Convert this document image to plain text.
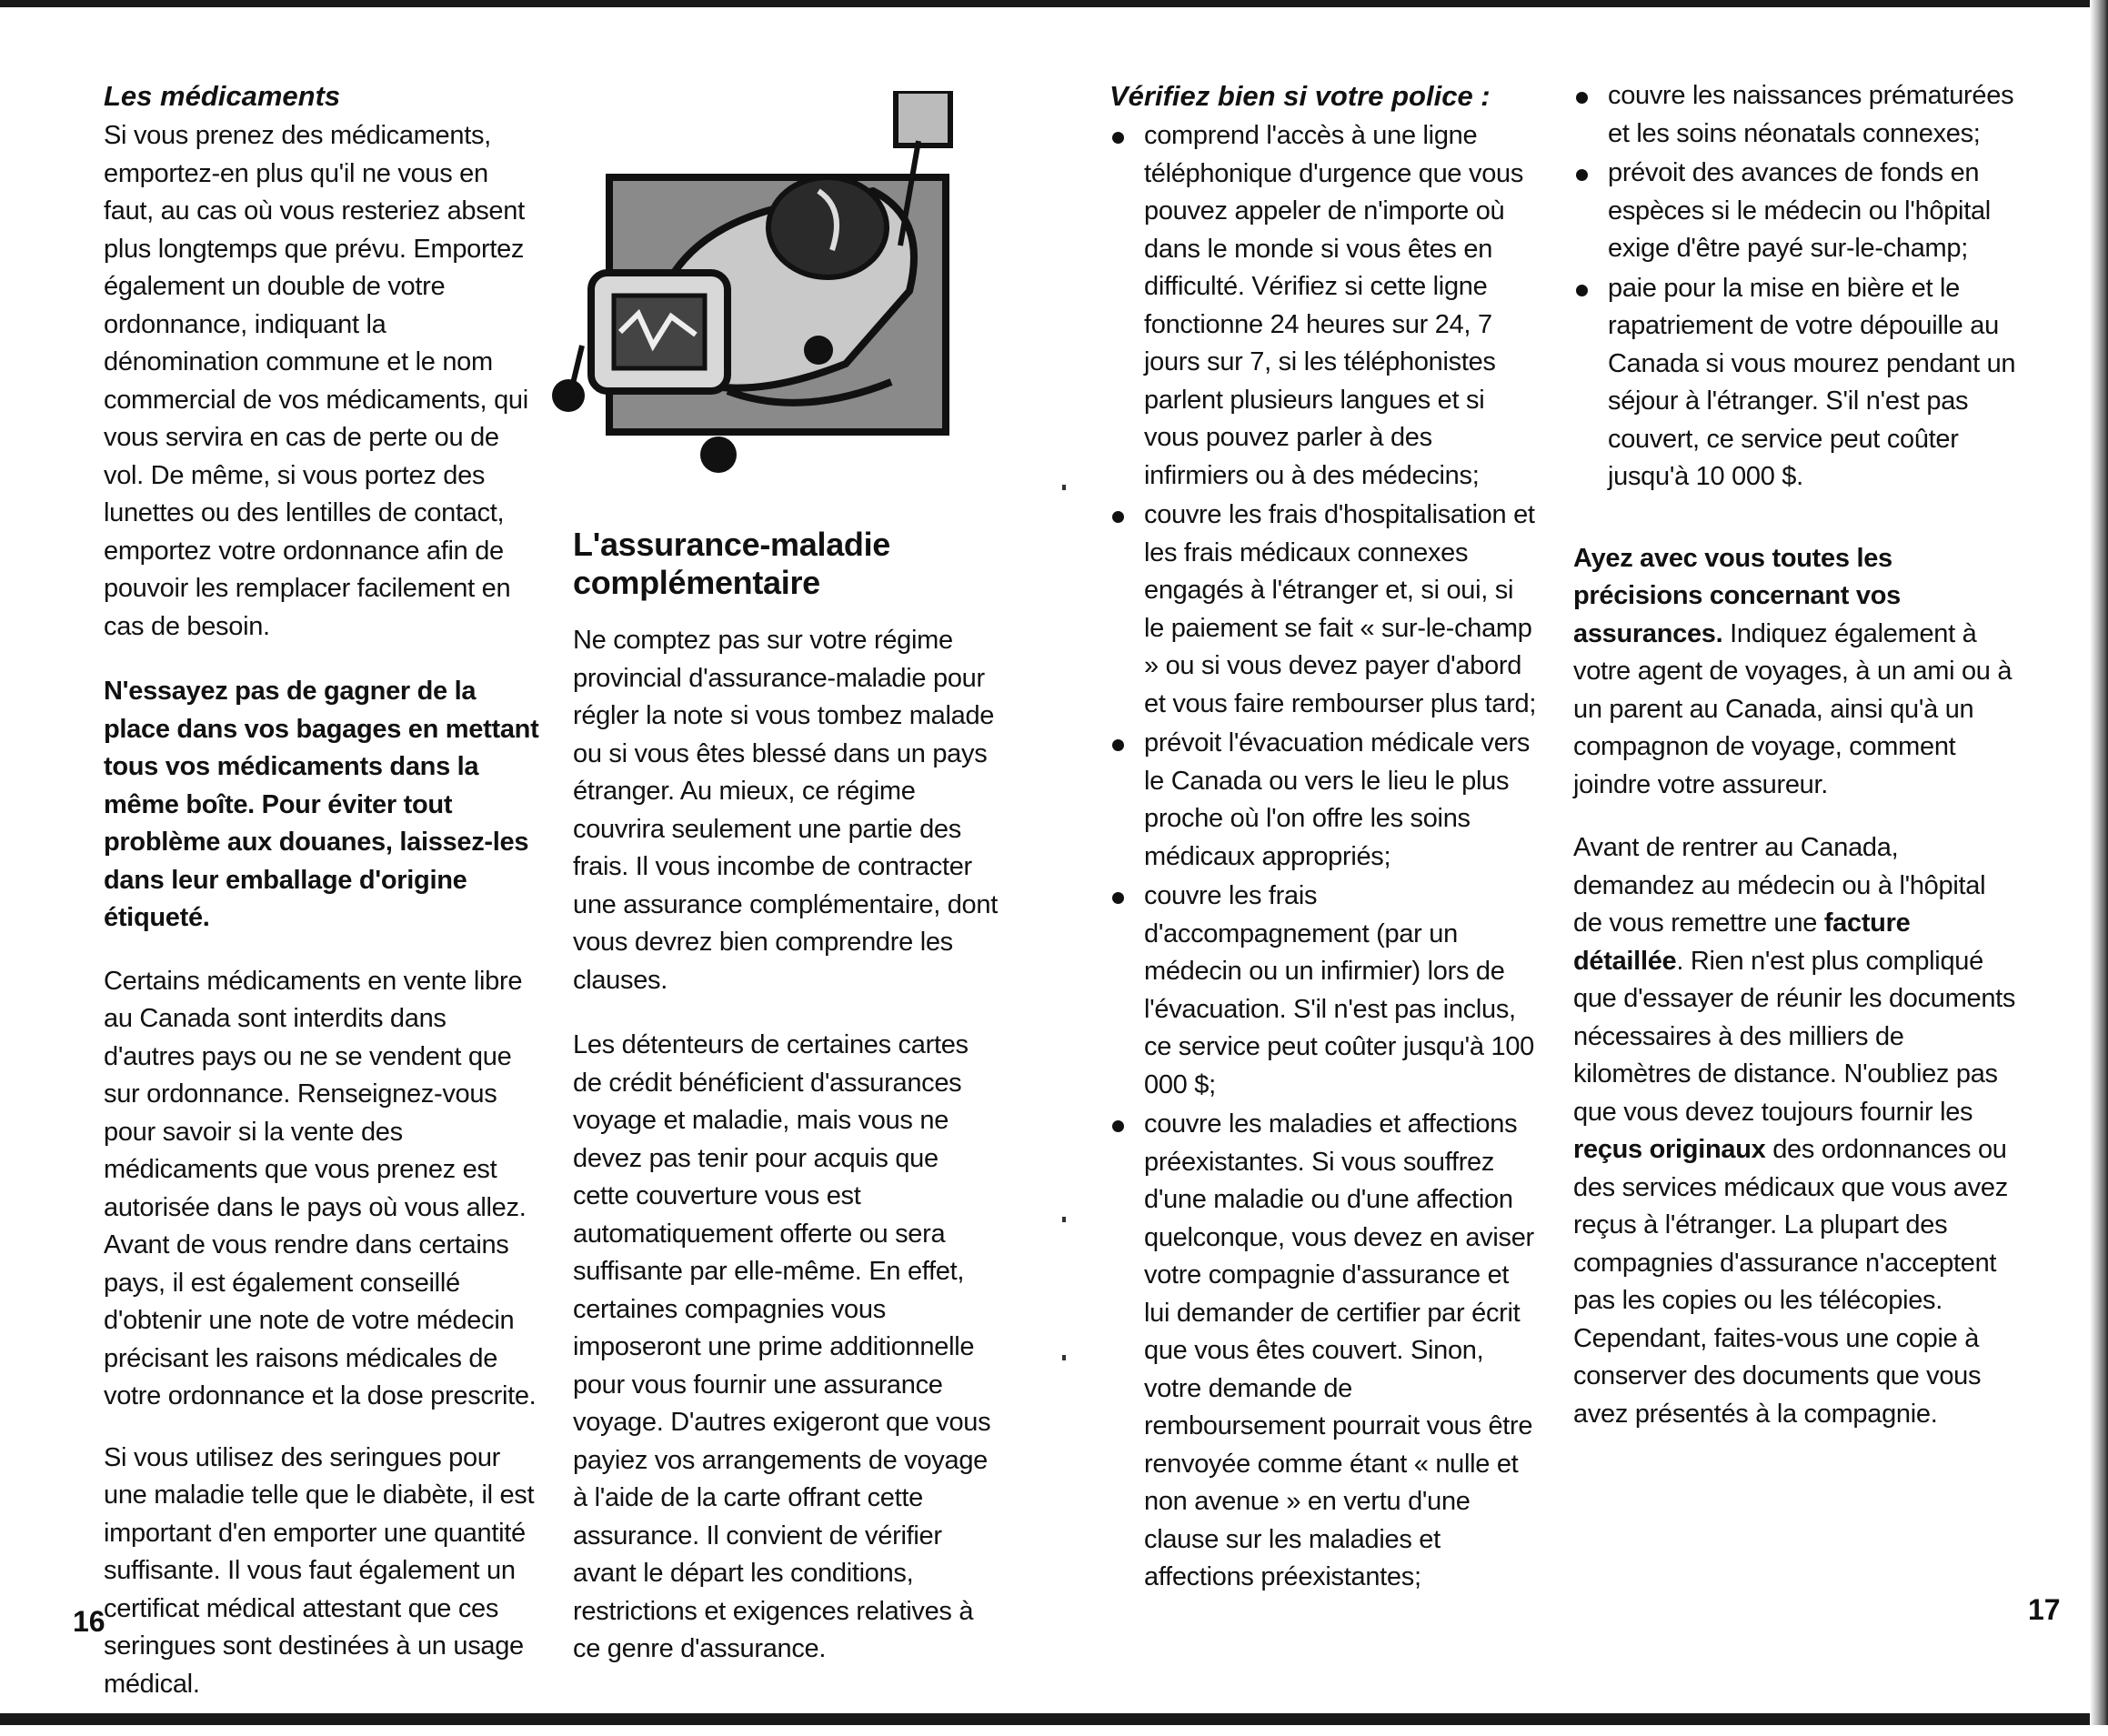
Les médicaments

Si vous prenez des médicaments, emportez-en plus qu'il ne vous en faut, au cas où vous resteriez absent plus longtemps que prévu. Emportez également un double de votre ordonnance, indiquant la dénomination commune et le nom commercial de vos médicaments, qui vous servira en cas de perte ou de vol. De même, si vous portez des lunettes ou des lentilles de contact, emportez votre ordonnance afin de pouvoir les remplacer facilement en cas de besoin.

N'essayez pas de gagner de la place dans vos bagages en mettant tous vos médicaments dans la même boîte. Pour éviter tout problème aux douanes, laissez-les dans leur emballage d'origine étiqueté.

Certains médicaments en vente libre au Canada sont interdits dans d'autres pays ou ne se vendent que sur ordonnance. Renseignez-vous pour savoir si la vente des médicaments que vous prenez est autorisée dans le pays où vous allez. Avant de vous rendre dans certains pays, il est également conseillé d'obtenir une note de votre médecin précisant les raisons médicales de votre ordonnance et la dose prescrite.

Si vous utilisez des seringues pour une maladie telle que le diabète, il est important d'en emporter une quantité suffisante. Il vous faut également un certificat médical attestant que ces seringues sont destinées à un usage médical.

L'assurance-maladie complémentaire

Ne comptez pas sur votre régime provincial d'assurance-maladie pour régler la note si vous tombez malade ou si vous êtes blessé dans un pays étranger. Au mieux, ce régime couvrira seulement une partie des frais. Il vous incombe de contracter une assurance complémentaire, dont vous devrez bien comprendre les clauses.

Les détenteurs de certaines cartes de crédit bénéficient d'assurances voyage et maladie, mais vous ne devez pas tenir pour acquis que cette couverture vous est automatiquement offerte ou sera suffisante par elle-même. En effet, certaines compagnies vous imposeront une prime additionnelle pour vous fournir une assurance voyage. D'autres exigeront que vous payiez vos arrangements de voyage à l'aide de la carte offrant cette assurance. Il convient de vérifier avant le départ les conditions, restrictions et exigences relatives à ce genre d'assurance.

16
Vérifiez bien si votre police :
comprend l'accès à une ligne téléphonique d'urgence que vous pouvez appeler de n'importe où dans le monde si vous êtes en difficulté. Vérifiez si cette ligne fonctionne 24 heures sur 24, 7 jours sur 7, si les téléphonistes parlent plusieurs langues et si vous pouvez parler à des infirmiers ou à des médecins;
couvre les frais d'hospitalisation et les frais médicaux connexes engagés à l'étranger et, si oui, si le paiement se fait « sur-le-champ » ou si vous devez payer d'abord et vous faire rembourser plus tard;
prévoit l'évacuation médicale vers le Canada ou vers le lieu le plus proche où l'on offre les soins médicaux appropriés;
couvre les frais d'accompagnement (par un médecin ou un infirmier) lors de l'évacuation. S'il n'est pas inclus, ce service peut coûter jusqu'à 100 000 $;
couvre les maladies et affections préexistantes. Si vous souffrez d'une maladie ou d'une affection quelconque, vous devez en aviser votre compagnie d'assurance et lui demander de certifier par écrit que vous êtes couvert. Sinon, votre demande de remboursement pourrait vous être renvoyée comme étant « nulle et non avenue » en vertu d'une clause sur les maladies et affections préexistantes;
couvre les naissances prématurées et les soins néonatals connexes;
prévoit des avances de fonds en espèces si le médecin ou l'hôpital exige d'être payé sur-le-champ;
paie pour la mise en bière et le rapatriement de votre dépouille au Canada si vous mourez pendant un séjour à l'étranger. S'il n'est pas couvert, ce service peut coûter jusqu'à 10 000 $.

Ayez avec vous toutes les précisions concernant vos assurances. Indiquez également à votre agent de voyages, à un ami ou à un parent au Canada, ainsi qu'à un compagnon de voyage, comment joindre votre assureur.

Avant de rentrer au Canada, demandez au médecin ou à l'hôpital de vous remettre une facture détaillée. Rien n'est plus compliqué que d'essayer de réunir les documents nécessaires à des milliers de kilomètres de distance. N'oubliez pas que vous devez toujours fournir les reçus originaux des ordonnances ou des services médicaux que vous avez reçus à l'étranger. La plupart des compagnies d'assurance n'acceptent pas les copies ou les télécopies. Cependant, faites-vous une copie à conserver des documents que vous avez présentés à la compagnie.

17
